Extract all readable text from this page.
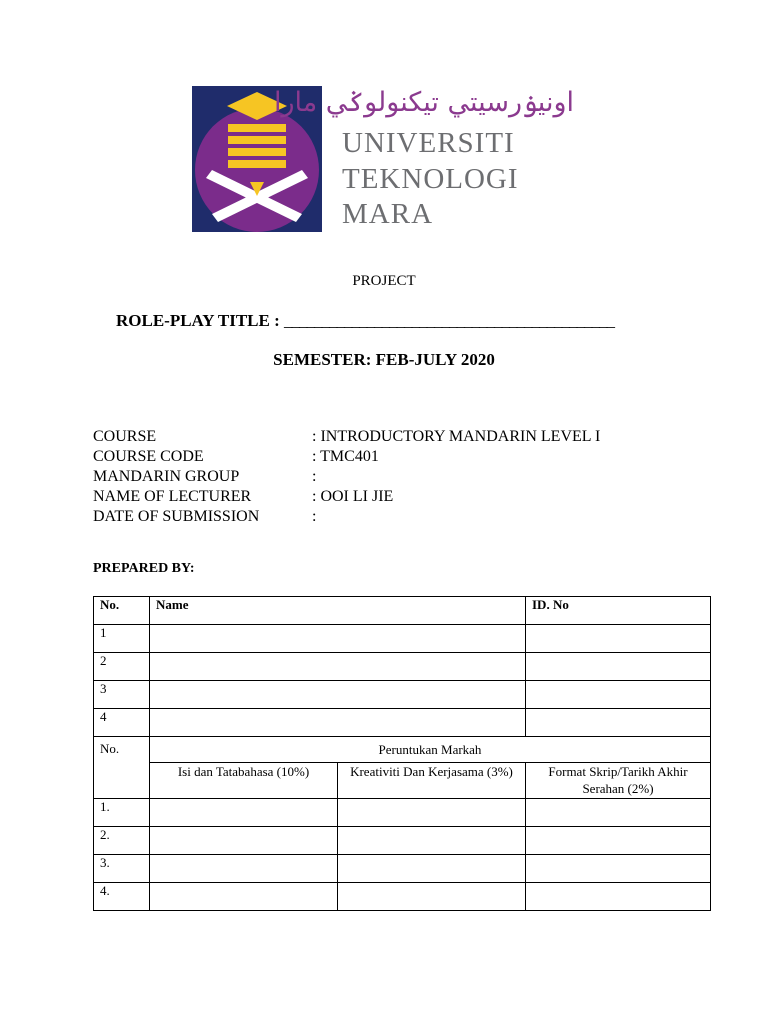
اونيۏرسيتي تيكنولوݢي مارا
UNIVERSITI
TEKNOLOGI
MARA
PROJECT
ROLE-PLAY TITLE : ____________________________________________
SEMESTER: FEB-JULY 2020
COURSE	: INTRODUCTORY MANDARIN LEVEL I
COURSE CODE	: TMC401
MANDARIN GROUP	:
NAME OF LECTURER	: OOI LI JIE
DATE OF SUBMISSION	:
PREPARED BY:
No.	Name		ID. No
1			
2			
3			
4			
No.	Peruntukan Markah		
	Isi dan Tatabahasa (10%)	Kreativiti Dan Kerjasama (3%)	Format Skrip/Tarikh Akhir Serahan (2%)
1.			
2.			
3.			
4.			
